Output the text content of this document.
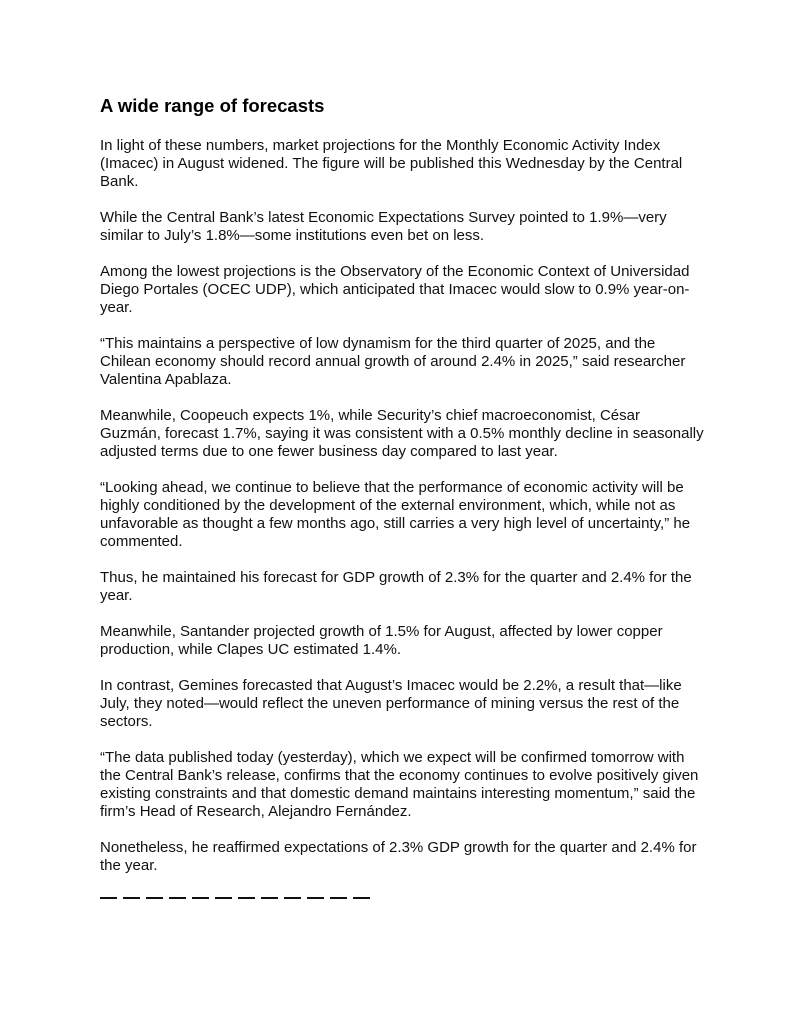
A wide range of forecasts

In light of these numbers, market projections for the Monthly Economic Activity Index (Imacec) in August widened. The figure will be published this Wednesday by the Central Bank.

While the Central Bank’s latest Economic Expectations Survey pointed to 1.9%—very similar to July’s 1.8%—some institutions even bet on less.

Among the lowest projections is the Observatory of the Economic Context of Universidad Diego Portales (OCEC UDP), which anticipated that Imacec would slow to 0.9% year-on-year.

“This maintains a perspective of low dynamism for the third quarter of 2025, and the Chilean economy should record annual growth of around 2.4% in 2025,” said researcher Valentina Apablaza.

Meanwhile, Coopeuch expects 1%, while Security’s chief macroeconomist, César Guzmán, forecast 1.7%, saying it was consistent with a 0.5% monthly decline in seasonally adjusted terms due to one fewer business day compared to last year.

“Looking ahead, we continue to believe that the performance of economic activity will be highly conditioned by the development of the external environment, which, while not as unfavorable as thought a few months ago, still carries a very high level of uncertainty,” he commented.

Thus, he maintained his forecast for GDP growth of 2.3% for the quarter and 2.4% for the year.

Meanwhile, Santander projected growth of 1.5% for August, affected by lower copper production, while Clapes UC estimated 1.4%.

In contrast, Gemines forecasted that August’s Imacec would be 2.2%, a result that—like July, they noted—would reflect the uneven performance of mining versus the rest of the sectors.

“The data published today (yesterday), which we expect will be confirmed tomorrow with the Central Bank’s release, confirms that the economy continues to evolve positively given existing constraints and that domestic demand maintains interesting momentum,” said the firm’s Head of Research, Alejandro Fernández.

Nonetheless, he reaffirmed expectations of 2.3% GDP growth for the quarter and 2.4% for the year.
